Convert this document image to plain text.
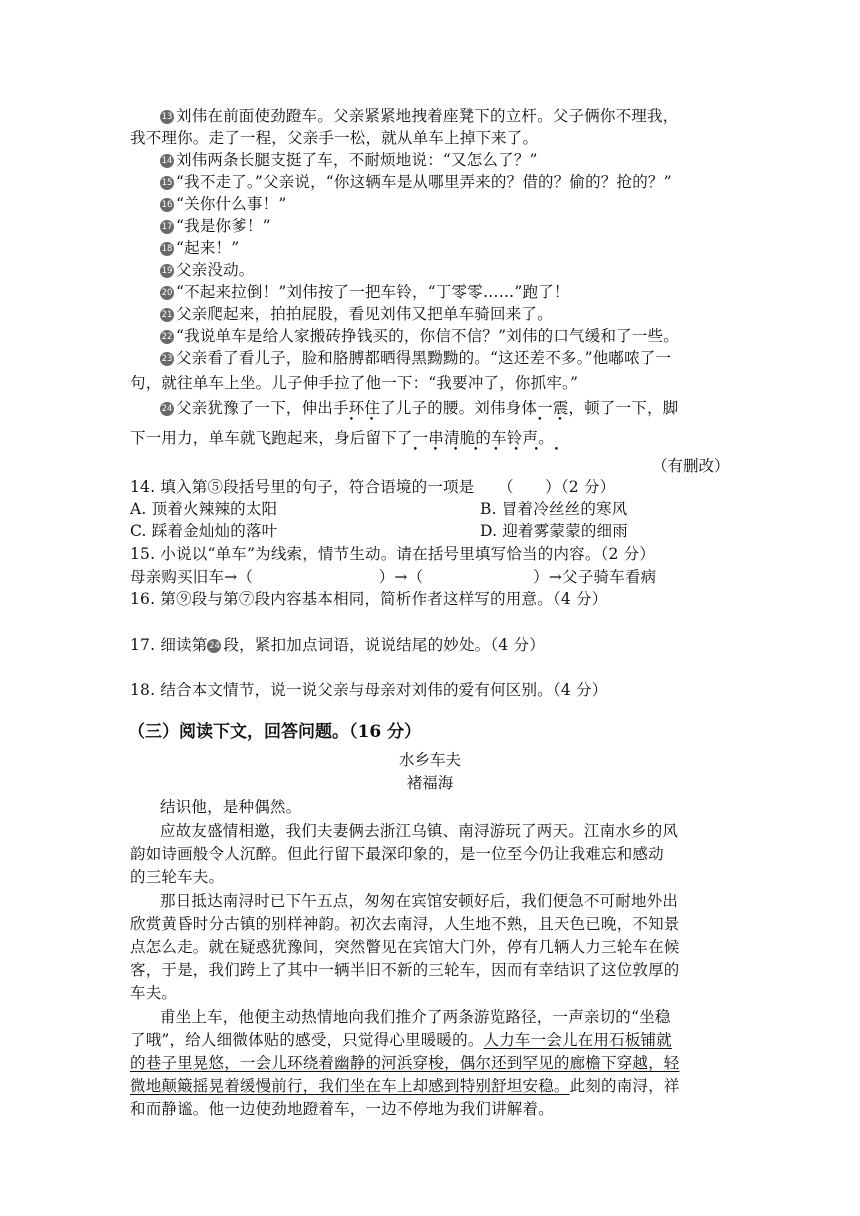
13 刘伟在前面使劲蹬车。父亲紧紧地拽着座凳下的立杆。父子俩你不理我，
我不理你。走了一程，父亲手一松，就从单车上掉下来了。
14 刘伟两条长腿支挺了车，不耐烦地说：“又怎么了？”
15 “我不走了。”父亲说，“你这辆车是从哪里弄来的？借的？偷的？抢的？”
16 “关你什么事！”
17 “我是你爹！”
18 “起来！”
19 父亲没动。
20 “不起来拉倒！”刘伟按了一把车铃，“丁零零……”跑了！
21 父亲爬起来，拍拍屁股，看见刘伟又把单车骑回来了。
22 “我说单车是给人家搬砖挣钱买的，你信不信？”刘伟的口气缓和了一些。
23 父亲看了看儿子，脸和胳膊都晒得黑黝黝的。“这还差不多。”他嘟哝了一
句，就往单车上坐。儿子伸手拉了他一下：“我要冲了，你抓牢。”
24 父亲犹豫了一下，伸出手环住 • •了儿子的腰。刘伟身体一震 • •，顿了一下，脚
下一用力，单车就飞跑起来，身后留下了一串清脆的车铃声 • • •。
（有删改）
14. 填入第⑤段括号里的句子，符合语境的一项是　　（　　）（2 分）
A. 顶着火辣辣的太阳	B. 冒着冷丝丝的寒风
C. 踩着金灿灿的落叶	D. 迎着雾蒙蒙的细雨
15. 小说以“单车”为线索，情节生动。请在括号里填写恰当的内容。（2 分）
母亲购买旧车→（　　　　　　　　）→（　　　　　　　）→父子骑车看病
16. 第⑨段与第⑦段内容基本相同，简析作者这样写的用意。（4 分）
17. 细读第 24 段，紧扣加点词语，说说结尾的妙处。（4 分）
18. 结合本文情节，说一说父亲与母亲对刘伟的爱有何区别。（4 分）
（三）阅读下文，回答问题。（16 分）
水乡车夫
褚福海
结识他，是种偶然。
应故友盛情相邀，我们夫妻俩去浙江乌镇、南浔游玩了两天。江南水乡的风
韵如诗画般令人沉醉。但此行留下最深印象的，是一位至今仍让我难忘和感动
的三轮车夫。
那日抵达南浔时已下午五点，匆匆在宾馆安顿好后，我们便急不可耐地外出
欣赏黄昏时分古镇的别样神韵。初次去南浔，人生地不熟，且天色已晚，不知景
点怎么走。就在疑惑犹豫间，突然瞥见在宾馆大门外，停有几辆人力三轮车在候
客，于是，我们跨上了其中一辆半旧不新的三轮车，因而有幸结识了这位敦厚的
车夫。
甫坐上车，他便主动热情地向我们推介了两条游览路径，一声亲切的“坐稳
了哦”，给人细微体贴的感受，只觉得心里暖暖的。人力车一会儿在用石板铺就
的巷子里晃悠，一会儿环绕着幽静的河浜穿梭，偶尔还到罕见的廊檐下穿越，轻
微地颠簸摇晃着缓慢前行，我们坐在车上却感到特别舒坦安稳。此刻的南浔，祥
和而静谧。他一边使劲地蹬着车，一边不停地为我们讲解着。
